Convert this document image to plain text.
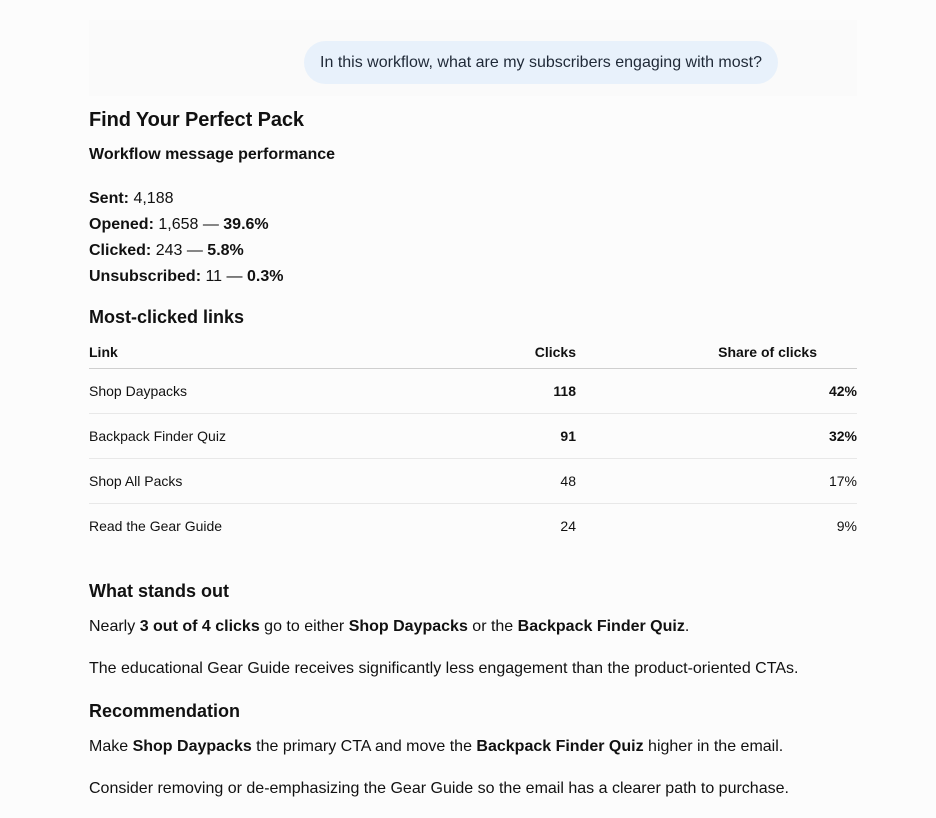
In this workflow, what are my subscribers engaging with most?
Find Your Perfect Pack
Workflow message performance
Sent: 4,188
Opened: 1,658 — 39.6%
Clicked: 243 — 5.8%
Unsubscribed: 11 — 0.3%
Most-clicked links
Link	Clicks	Share of clicks
Shop Daypacks	118	42%
Backpack Finder Quiz	91	32%
Shop All Packs	48	17%
Read the Gear Guide	24	9%
What stands out

Nearly 3 out of 4 clicks go to either Shop Daypacks or the Backpack Finder Quiz.

The educational Gear Guide receives significantly less engagement than the product-oriented CTAs.

Recommendation

Make Shop Daypacks the primary CTA and move the Backpack Finder Quiz higher in the email.

Consider removing or de-emphasizing the Gear Guide so the email has a clearer path to purchase.
